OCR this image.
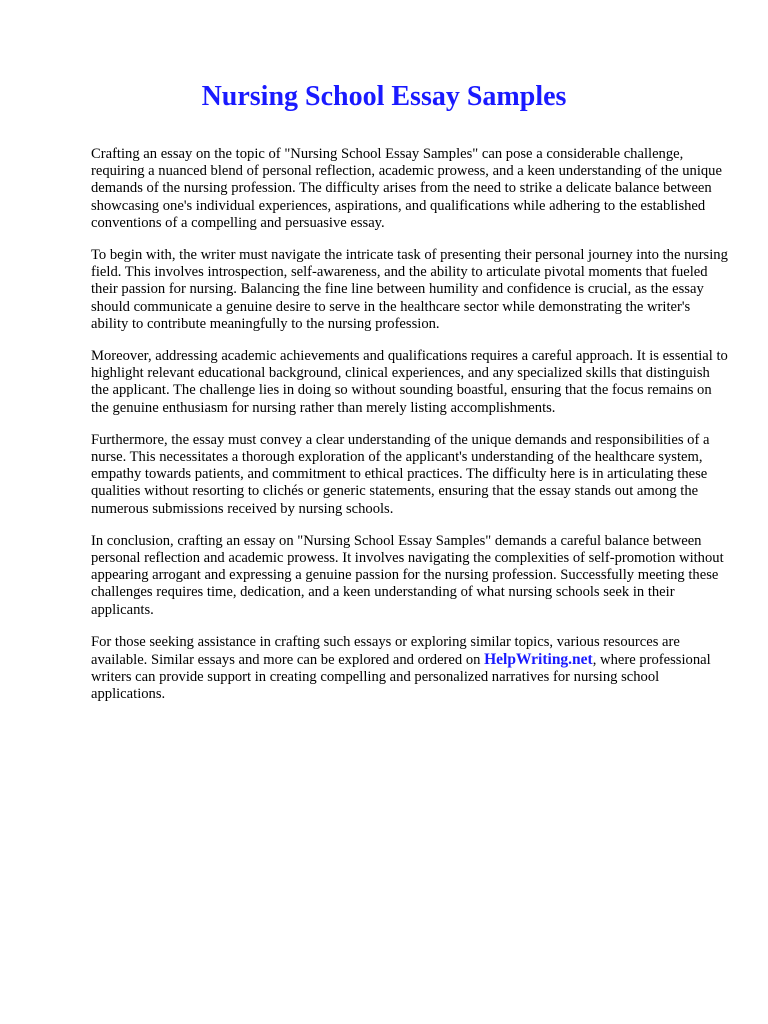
Nursing School Essay Samples

Crafting an essay on the topic of "Nursing School Essay Samples" can pose a considerable challenge, requiring a nuanced blend of personal reflection, academic prowess, and a keen understanding of the unique demands of the nursing profession. The difficulty arises from the need to strike a delicate balance between showcasing one's individual experiences, aspirations, and qualifications while adhering to the established conventions of a compelling and persuasive essay.

To begin with, the writer must navigate the intricate task of presenting their personal journey into the nursing field. This involves introspection, self-awareness, and the ability to articulate pivotal moments that fueled their passion for nursing. Balancing the fine line between humility and confidence is crucial, as the essay should communicate a genuine desire to serve in the healthcare sector while demonstrating the writer's ability to contribute meaningfully to the nursing profession.

Moreover, addressing academic achievements and qualifications requires a careful approach. It is essential to highlight relevant educational background, clinical experiences, and any specialized skills that distinguish the applicant. The challenge lies in doing so without sounding boastful, ensuring that the focus remains on the genuine enthusiasm for nursing rather than merely listing accomplishments.

Furthermore, the essay must convey a clear understanding of the unique demands and responsibilities of a nurse. This necessitates a thorough exploration of the applicant's understanding of the healthcare system, empathy towards patients, and commitment to ethical practices. The difficulty here is in articulating these qualities without resorting to clichés or generic statements, ensuring that the essay stands out among the numerous submissions received by nursing schools.

In conclusion, crafting an essay on "Nursing School Essay Samples" demands a careful balance between personal reflection and academic prowess. It involves navigating the complexities of self-promotion without appearing arrogant and expressing a genuine passion for the nursing profession. Successfully meeting these challenges requires time, dedication, and a keen understanding of what nursing schools seek in their applicants.

For those seeking assistance in crafting such essays or exploring similar topics, various resources are available. Similar essays and more can be explored and ordered on HelpWriting.net, where professional writers can provide support in creating compelling and personalized narratives for nursing school applications.
